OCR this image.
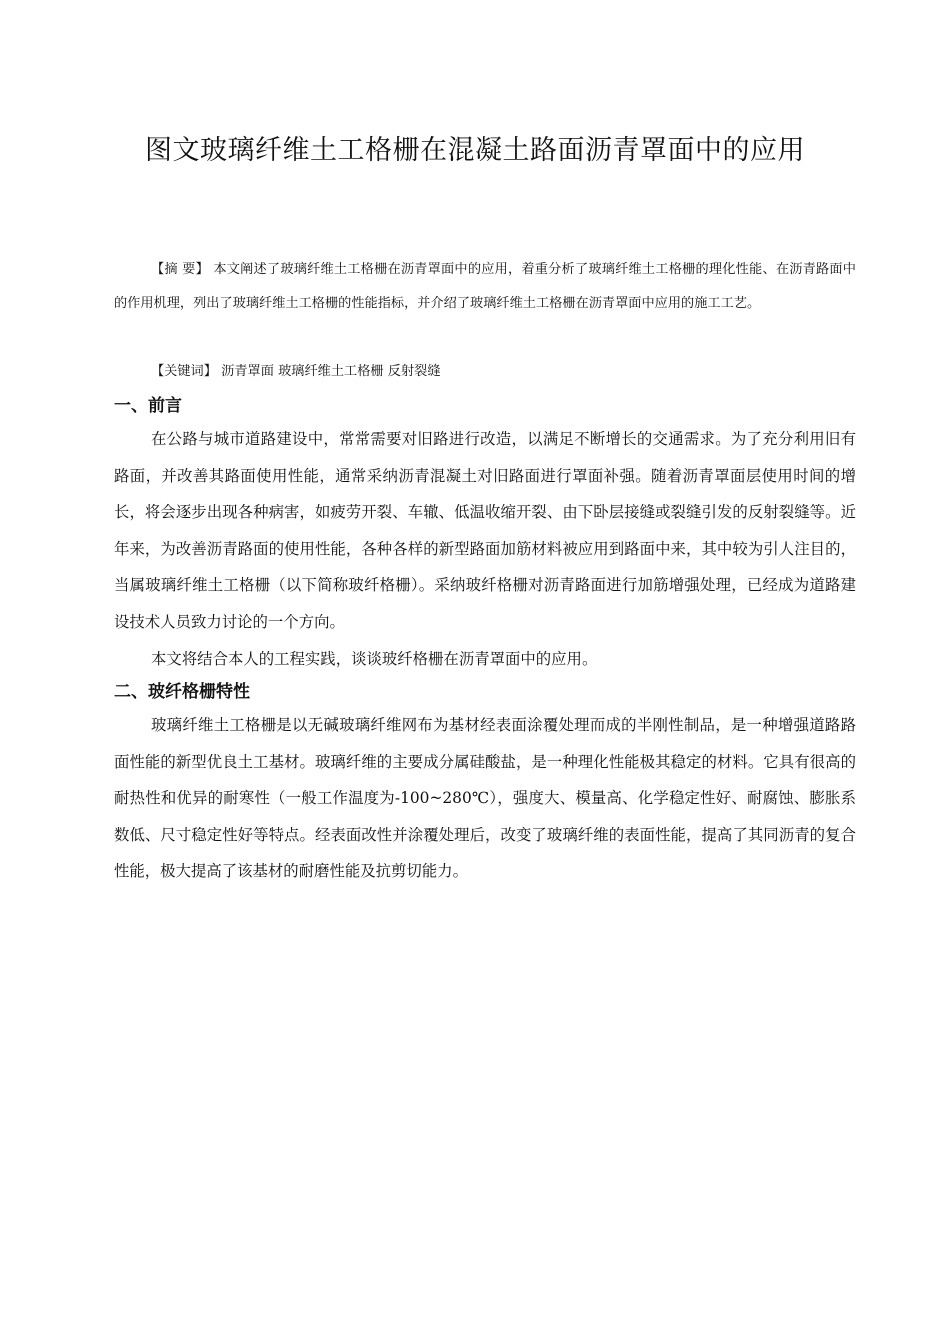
图文玻璃纤维土工格栅在混凝土路面沥青罩面中的应用

【摘 要】 本文阐述了玻璃纤维土工格栅在沥青罩面中的应用，着重分析了玻璃纤维土工格栅的理化性能、在沥青路面中的作用机理，列出了玻璃纤维土工格栅的性能指标，并介绍了玻璃纤维土工格栅在沥青罩面中应用的施工工艺。

【关键词】 沥青罩面 玻璃纤维土工格栅 反射裂缝

一、前言

在公路与城市道路建设中，常常需要对旧路进行改造，以满足不断增长的交通需求。为了充分利用旧有路面，并改善其路面使用性能，通常采纳沥青混凝土对旧路面进行罩面补强。随着沥青罩面层使用时间的增长，将会逐步出现各种病害，如疲劳开裂、车辙、低温收缩开裂、由下卧层接缝或裂缝引发的反射裂缝等。近年来，为改善沥青路面的使用性能，各种各样的新型路面加筋材料被应用到路面中来，其中较为引人注目的，当属玻璃纤维土工格栅（以下简称玻纤格栅）。采纳玻纤格栅对沥青路面进行加筋增强处理，已经成为道路建设技术人员致力讨论的一个方向。

本文将结合本人的工程实践，谈谈玻纤格栅在沥青罩面中的应用。

二、玻纤格栅特性

玻璃纤维土工格栅是以无碱玻璃纤维网布为基材经表面涂覆处理而成的半刚性制品，是一种增强道路路面性能的新型优良土工基材。玻璃纤维的主要成分属硅酸盐，是一种理化性能极其稳定的材料。它具有很高的耐热性和优异的耐寒性（一般工作温度为-100~280℃），强度大、模量高、化学稳定性好、耐腐蚀、膨胀系数低、尺寸稳定性好等特点。经表面改性并涂覆处理后，改变了玻璃纤维的表面性能，提高了其同沥青的复合性能，极大提高了该基材的耐磨性能及抗剪切能力。
